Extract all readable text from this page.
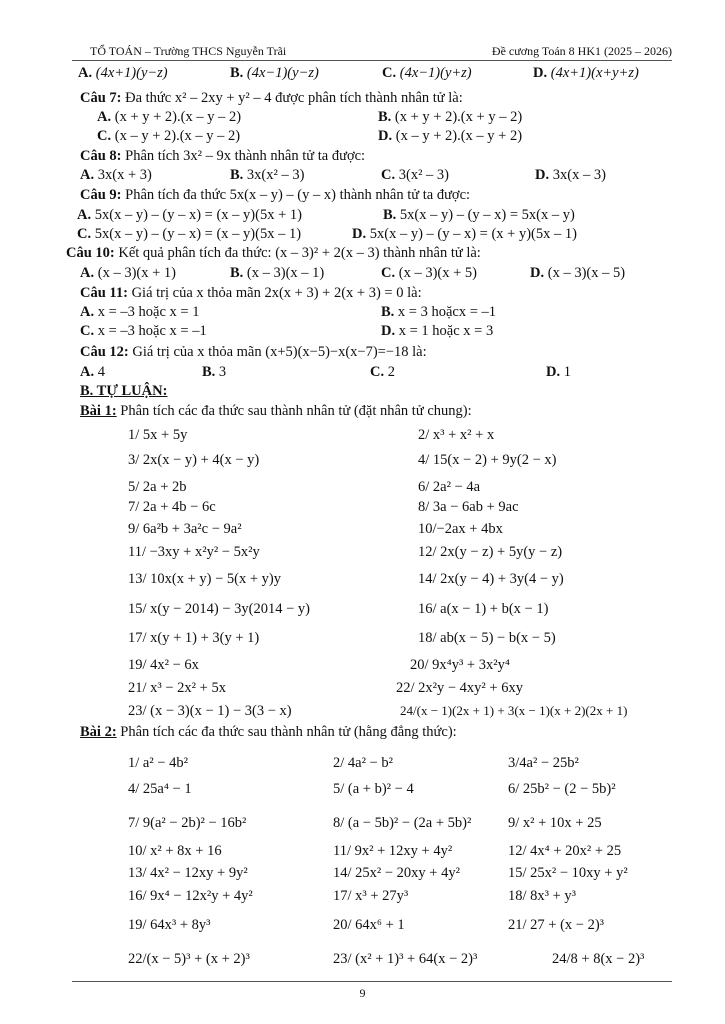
TỔ TOÁN – Trường THCS Nguyễn Trãi	Đề cương Toán 8 HK1 (2025 – 2026)
A. (4x+1)(y−z)	B. (4x−1)(y−z)	C. (4x−1)(y+z)	D. (4x+1)(x+y+z)
Câu 7: Đa thức x² – 2xy + y² – 4 được phân tích thành nhân tử là:
A. (x + y + 2).(x – y – 2)	B. (x + y + 2).(x + y – 2)
C. (x – y + 2).(x – y – 2)	D. (x – y + 2).(x – y + 2)
Câu 8: Phân tích 3x² – 9x thành nhân tử ta được:
A. 3x(x + 3)	B. 3x(x² – 3)	C. 3(x² – 3)	D. 3x(x – 3)
Câu 9: Phân tích đa thức 5x(x – y) – (y – x) thành nhân tử ta được:
A. 5x(x – y) – (y – x) = (x – y)(5x + 1)	B. 5x(x – y) – (y – x) = 5x(x – y)
C. 5x(x – y) – (y – x) = (x – y)(5x – 1)	D. 5x(x – y) – (y – x) = (x + y)(5x – 1)
Câu 10: Kết quả phân tích đa thức: (x – 3)² + 2(x – 3) thành nhân tử là:
A. (x – 3)(x + 1)	B. (x – 3)(x – 1)	C. (x – 3)(x + 5)	D. (x – 3)(x – 5)
Câu 11: Giá trị của x thỏa mãn 2x(x + 3) + 2(x + 3) = 0 là:
A. x = –3 hoặc x = 1	B. x = 3 hoặcx = –1
C. x = –3 hoặc x = –1	D. x = 1 hoặc x = 3
Câu 12: Giá trị của x thỏa mãn (x+5)(x−5)−x(x−7)=−18 là:
A. 4	B. 3	C. 2	D. 1
B. TỰ LUẬN:
Bài 1: Phân tích các đa thức sau thành nhân tử (đặt nhân tử chung):
1/ 5x + 5y	2/ x³ + x² + x
3/ 2x(x − y) + 4(x − y)	4/ 15(x − 2) + 9y(2 − x)
5/ 2a + 2b	6/ 2a² − 4a
7/ 2a + 4b − 6c	8/ 3a − 6ab + 9ac
9/ 6a²b + 3a²c − 9a²	10/−2ax + 4bx
11/ −3xy + x²y² − 5x²y	12/ 2x(y − z) + 5y(y − z)
13/ 10x(x + y) − 5(x + y)y	14/ 2x(y − 4) + 3y(4 − y)
15/ x(y − 2014) − 3y(2014 − y)	16/ a(x − 1) + b(x − 1)
17/ x(y + 1) + 3(y + 1)	18/ ab(x − 5) − b(x − 5)
19/ 4x² − 6x	20/ 9x⁴y³ + 3x²y⁴
21/ x³ − 2x² + 5x	22/ 2x²y − 4xy² + 6xy
23/ (x − 3)(x − 1) − 3(3 − x)	24/(x − 1)(2x + 1) + 3(x − 1)(x + 2)(2x + 1)
Bài 2: Phân tích các đa thức sau thành nhân tử (hằng đẳng thức):
1/ a² − 4b²	2/ 4a² − b²	3/4a² − 25b²
4/ 25a⁴ − 1	5/ (a + b)² − 4	6/ 25b² − (2 − 5b)²
7/ 9(a² − 2b)² − 16b²	8/ (a − 5b)² − (2a + 5b)²	9/ x² + 10x + 25
10/ x² + 8x + 16	11/ 9x² + 12xy + 4y²	12/ 4x⁴ + 20x² + 25
13/ 4x² − 12xy + 9y²	14/ 25x² − 20xy + 4y²	15/ 25x² − 10xy + y²
16/ 9x⁴ − 12x²y + 4y²	17/ x³ + 27y³	18/ 8x³ + y³
19/ 64x³ + 8y³	20/ 64x⁶ + 1	21/ 27 + (x − 2)³
22/(x − 5)³ + (x + 2)³	23/ (x² + 1)³ + 64(x − 2)³	24/8 + 8(x − 2)³
9
